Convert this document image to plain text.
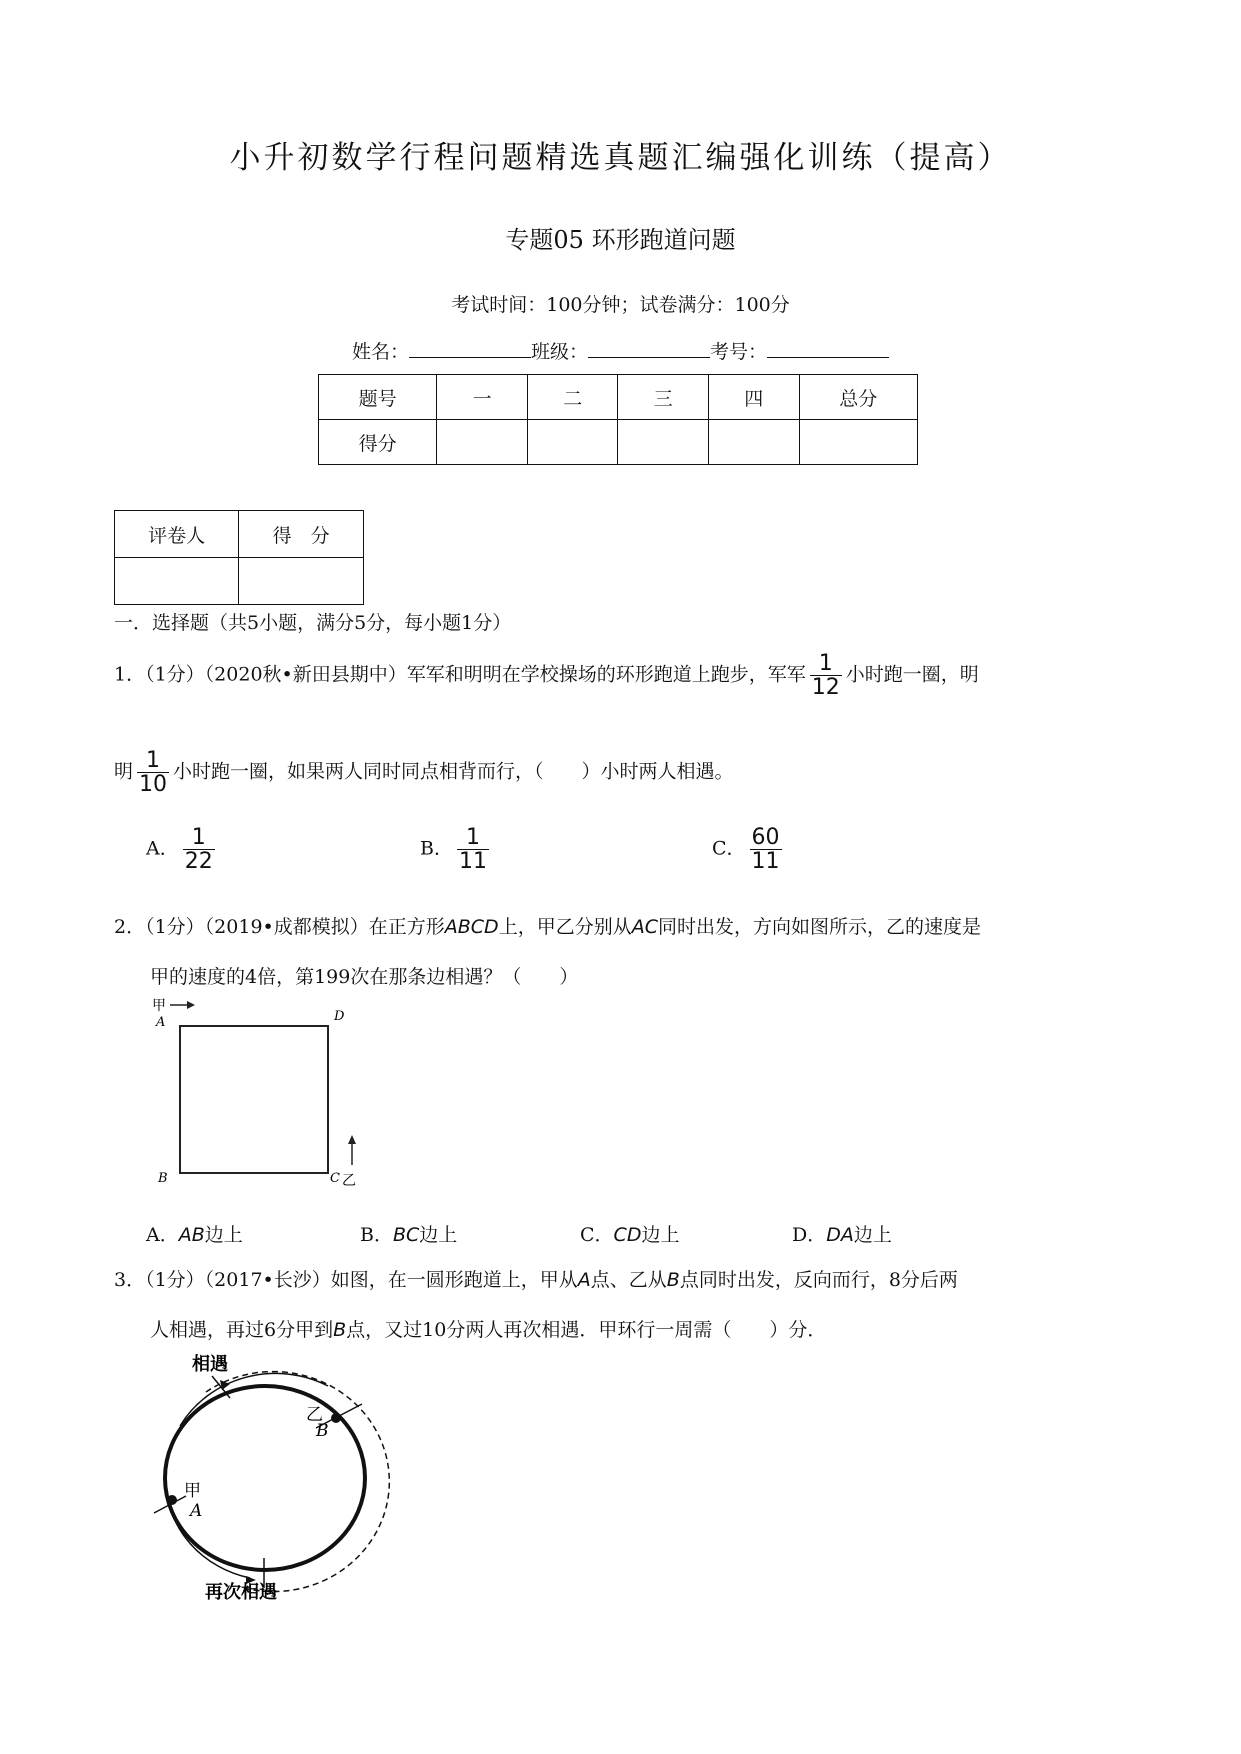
小升初数学行程问题精选真题汇编强化训练（提高）
专题05 环形跑道问题
考试时间：100分钟；试卷满分：100分
姓名：	班级：	考号：
题号	一	二	三	四	总分
得分					
评卷人	得　分

一．选择题（共5小题，满分5分，每小题1分）
1．（1分）（2020秋•新田县期中）军军和明明在学校操场的环形跑道上跑步，军军 $\frac{1}{12}$ 小时跑一圈，明
明 $\frac{1}{10}$ 小时跑一圈，如果两人同时同点相背而行，（　　）小时两人相遇。
A． $\frac{1}{22}$	B． $\frac{1}{11}$	C． $\frac{60}{11}$
2．（1分）（2019•成都模拟）在正方形ABCD上，甲乙分别从AC同时出发，方向如图所示，乙的速度是
甲的速度的4倍，第199次在那条边相遇？（　　）
甲
A	D
B	C 乙
A．AB边上	B．BC边上	C．CD边上	D．DA边上
3．（1分）（2017•长沙）如图，在一圆形跑道上，甲从A点、乙从B点同时出发，反向而行，8分后两
人相遇，再过6分甲到B点，又过10分两人再次相遇．甲环行一周需（　　）分．
相遇
再次相遇
乙
B
甲
A
